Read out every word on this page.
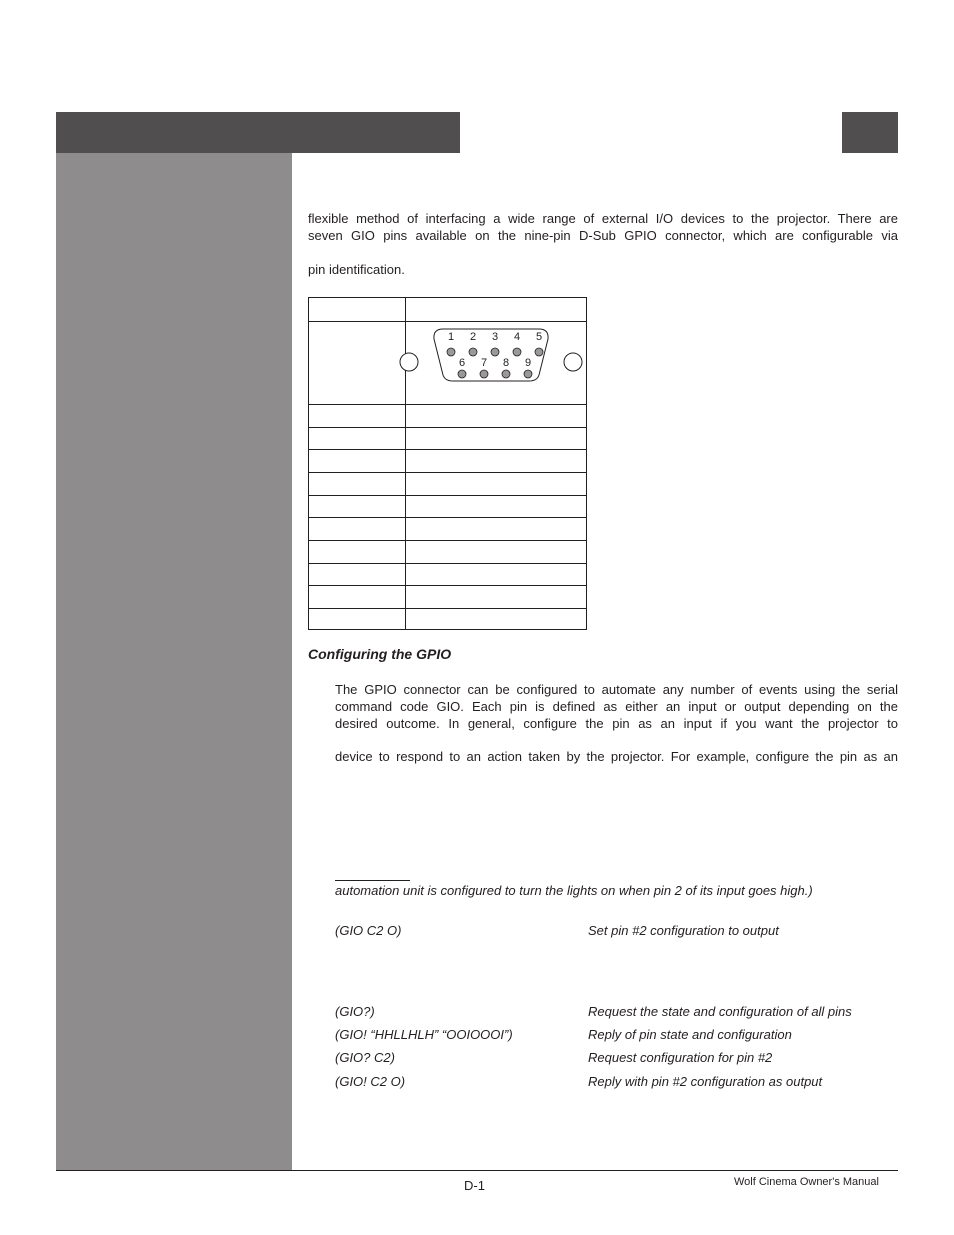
flexible method of interfacing a wide range of external I/O devices to the projector. There are
seven GIO pins available on the nine-pin D-Sub GPIO connector, which are configurable via
pin identification.
1 2 3 4 5
6 7 8 9
Configuring the GPIO
The GPIO connector can be configured to automate any number of events using the serial
command code GIO. Each pin is defined as either an input or output depending on the
desired outcome. In general, configure the pin as an input if you want the projector to
device to respond to an action taken by the projector. For example, configure the pin as an
automation unit is configured to turn the lights on when pin 2 of its input goes high.)
(GIO C2 O)	Set pin #2 configuration to output
(GIO?)	Request the state and configuration of all pins
(GIO! “HHLLHLH” “OOIOOOI”)	Reply of pin state and configuration
(GIO? C2)	Request configuration for pin #2
(GIO! C2 O)	Reply with pin #2 configuration as output
D-1	Wolf Cinema Owner's Manual
